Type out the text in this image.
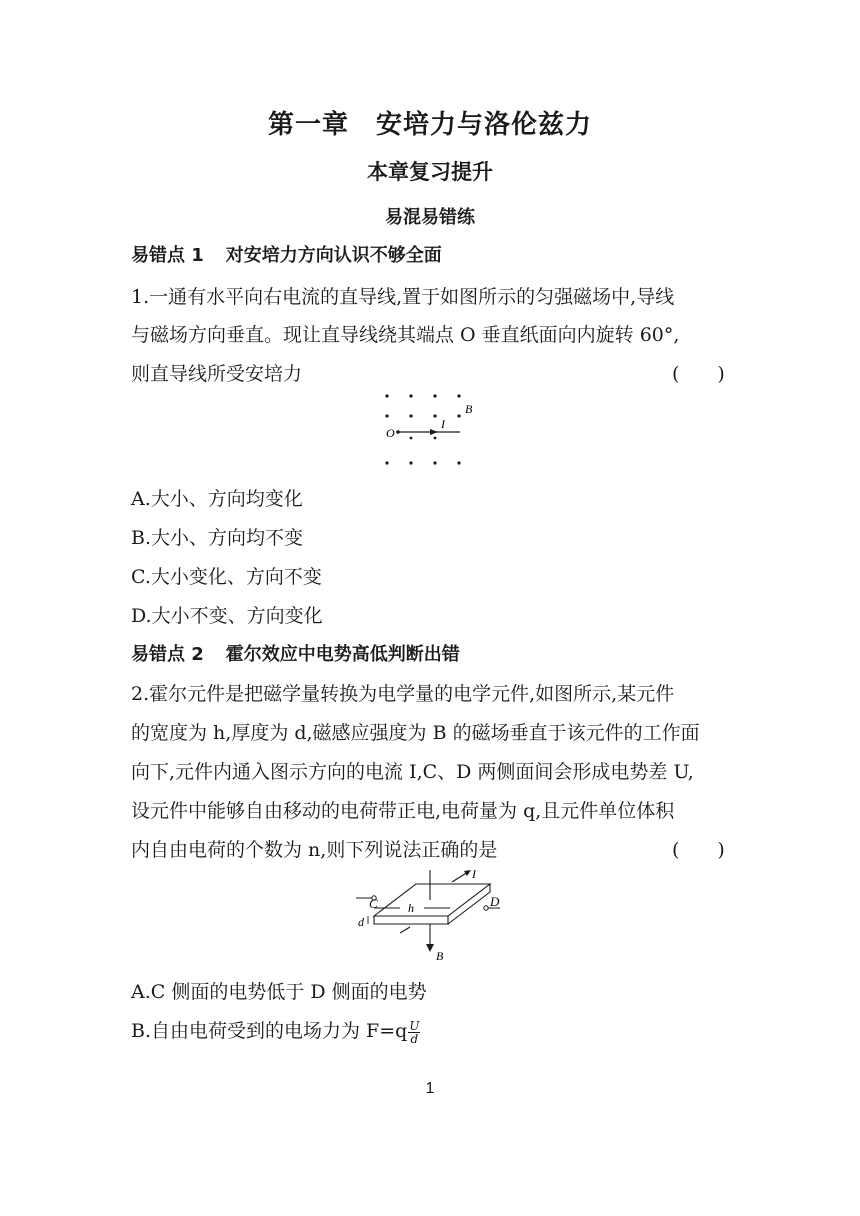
第一章　安培力与洛伦兹力
本章复习提升
易混易错练
易错点 1 对安培力方向认识不够全面
1.一通有水平向右电流的直导线,置于如图所示的匀强磁场中,导线
与磁场方向垂直。现让直导线绕其端点 O 垂直纸面向内旋转 60°,
则直导线所受安培力	(　　)
O
I
B
A.大小、方向均变化
B.大小、方向均不变
C.大小变化、方向不变
D.大小不变、方向变化
易错点 2 霍尔效应中电势高低判断出错
2.霍尔元件是把磁学量转换为电学量的电学元件,如图所示,某元件
的宽度为 h,厚度为 d,磁感应强度为 B 的磁场垂直于该元件的工作面
向下,元件内通入图示方向的电流 I,C、D 两侧面间会形成电势差 U,
设元件中能够自由移动的电荷带正电,电荷量为 q,且元件单位体积
内自由电荷的个数为 n,则下列说法正确的是	(　　)
C	D
h
d
I
B
A.C 侧面的电势低于 D 侧面的电势
B.自由电荷受到的电场力为 $F=q \frac{U}{d}$
1
